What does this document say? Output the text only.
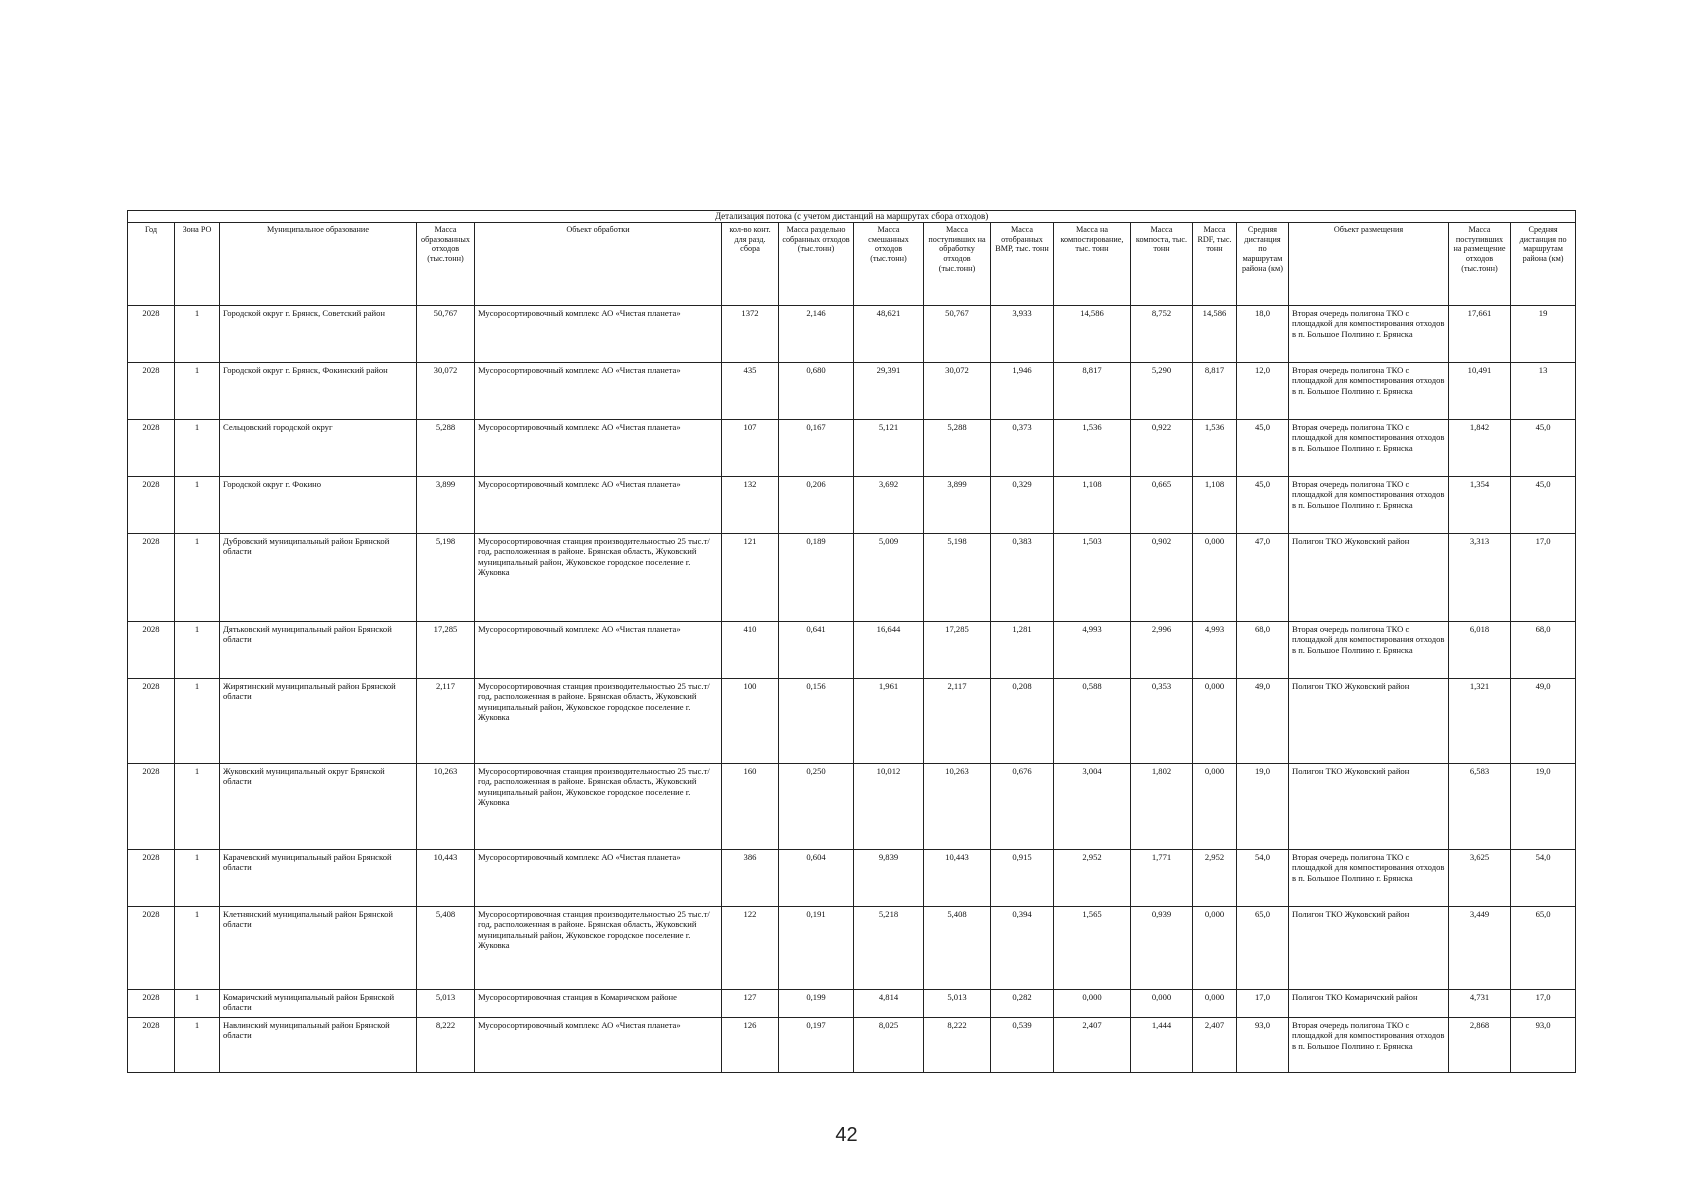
Детализация потока (с учетом дистанций на маршрутах сбора отходов)																
Год	Зона РО	Муниципальное образование	Масса образованных отходов (тыс.тонн)	Объект обработки	кол-во конт. для разд. сбора	Масса раздельно собранных отходов (тыс.тонн)	Масса смешанных отходов (тыс.тонн)	Масса поступивших на обработку отходов (тыс.тонн)	Масса отобранных ВМР, тыс. тонн	Масса на компостирование, тыс. тонн	Масса компоста, тыс. тонн	Масса RDF, тыс. тонн	Средняя дистанция по маршрутам района (км)	Объект размещения	Масса поступивших на размещение отходов (тыс.тонн)	Средняя дистанция по маршрутам района (км)
2028	1	Городской округ г. Брянск, Советский район	50,767	Мусоросортировочный комплекс АО «Чистая планета»	1372	2,146	48,621	50,767	3,933	14,586	8,752	14,586	18,0	Вторая очередь полигона ТКО с площадкой для компостирования отходов в п. Большое Полпино г. Брянска	17,661	19
2028	1	Городской округ г. Брянск, Фокинский район	30,072	Мусоросортировочный комплекс АО «Чистая планета»	435	0,680	29,391	30,072	1,946	8,817	5,290	8,817	12,0	Вторая очередь полигона ТКО с площадкой для компостирования отходов в п. Большое Полпино г. Брянска	10,491	13
2028	1	Сельцовский городской округ	5,288	Мусоросортировочный комплекс АО «Чистая планета»	107	0,167	5,121	5,288	0,373	1,536	0,922	1,536	45,0	Вторая очередь полигона ТКО с площадкой для компостирования отходов в п. Большое Полпино г. Брянска	1,842	45,0
2028	1	Городской округ г. Фокино	3,899	Мусоросортировочный комплекс АО «Чистая планета»	132	0,206	3,692	3,899	0,329	1,108	0,665	1,108	45,0	Вторая очередь полигона ТКО с площадкой для компостирования отходов в п. Большое Полпино г. Брянска	1,354	45,0
2028	1	Дубровский муниципальный район Брянской области	5,198	Мусоросортировочная станция производительностью 25 тыс.т/год, расположенная в районе. Брянская область, Жуковский муниципальный район, Жуковское городское поселение г. Жуковка	121	0,189	5,009	5,198	0,383	1,503	0,902	0,000	47,0	Полигон ТКО Жуковский район	3,313	17,0
2028	1	Дятьковский муниципальный район Брянской области	17,285	Мусоросортировочный комплекс АО «Чистая планета»	410	0,641	16,644	17,285	1,281	4,993	2,996	4,993	68,0	Вторая очередь полигона ТКО с площадкой для компостирования отходов в п. Большое Полпино г. Брянска	6,018	68,0
2028	1	Жирятинский муниципальный район Брянской области	2,117	Мусоросортировочная станция производительностью 25 тыс.т/год, расположенная в районе. Брянская область, Жуковский муниципальный район, Жуковское городское поселение г. Жуковка	100	0,156	1,961	2,117	0,208	0,588	0,353	0,000	49,0	Полигон ТКО Жуковский район	1,321	49,0
2028	1	Жуковский муниципальный округ Брянской области	10,263	Мусоросортировочная станция производительностью 25 тыс.т/год, расположенная в районе. Брянская область, Жуковский муниципальный район, Жуковское городское поселение г. Жуковка	160	0,250	10,012	10,263	0,676	3,004	1,802	0,000	19,0	Полигон ТКО Жуковский район	6,583	19,0
2028	1	Карачевский муниципальный район Брянской области	10,443	Мусоросортировочный комплекс АО «Чистая планета»	386	0,604	9,839	10,443	0,915	2,952	1,771	2,952	54,0	Вторая очередь полигона ТКО с площадкой для компостирования отходов в п. Большое Полпино г. Брянска	3,625	54,0
2028	1	Клетнянский муниципальный район Брянской области	5,408	Мусоросортировочная станция производительностью 25 тыс.т/год, расположенная в районе. Брянская область, Жуковский муниципальный район, Жуковское городское поселение г. Жуковка	122	0,191	5,218	5,408	0,394	1,565	0,939	0,000	65,0	Полигон ТКО Жуковский район	3,449	65,0
2028	1	Комаричский муниципальный район Брянской области	5,013	Мусоросортировочная станция в Комаричском районе	127	0,199	4,814	5,013	0,282	0,000	0,000	0,000	17,0	Полигон ТКО Комаричский район	4,731	17,0
2028	1	Навлинский муниципальный район Брянской области	8,222	Мусоросортировочный комплекс АО «Чистая планета»	126	0,197	8,025	8,222	0,539	2,407	1,444	2,407	93,0	Вторая очередь полигона ТКО с площадкой для компостирования отходов в п. Большое Полпино г. Брянска	2,868	93,0
42
